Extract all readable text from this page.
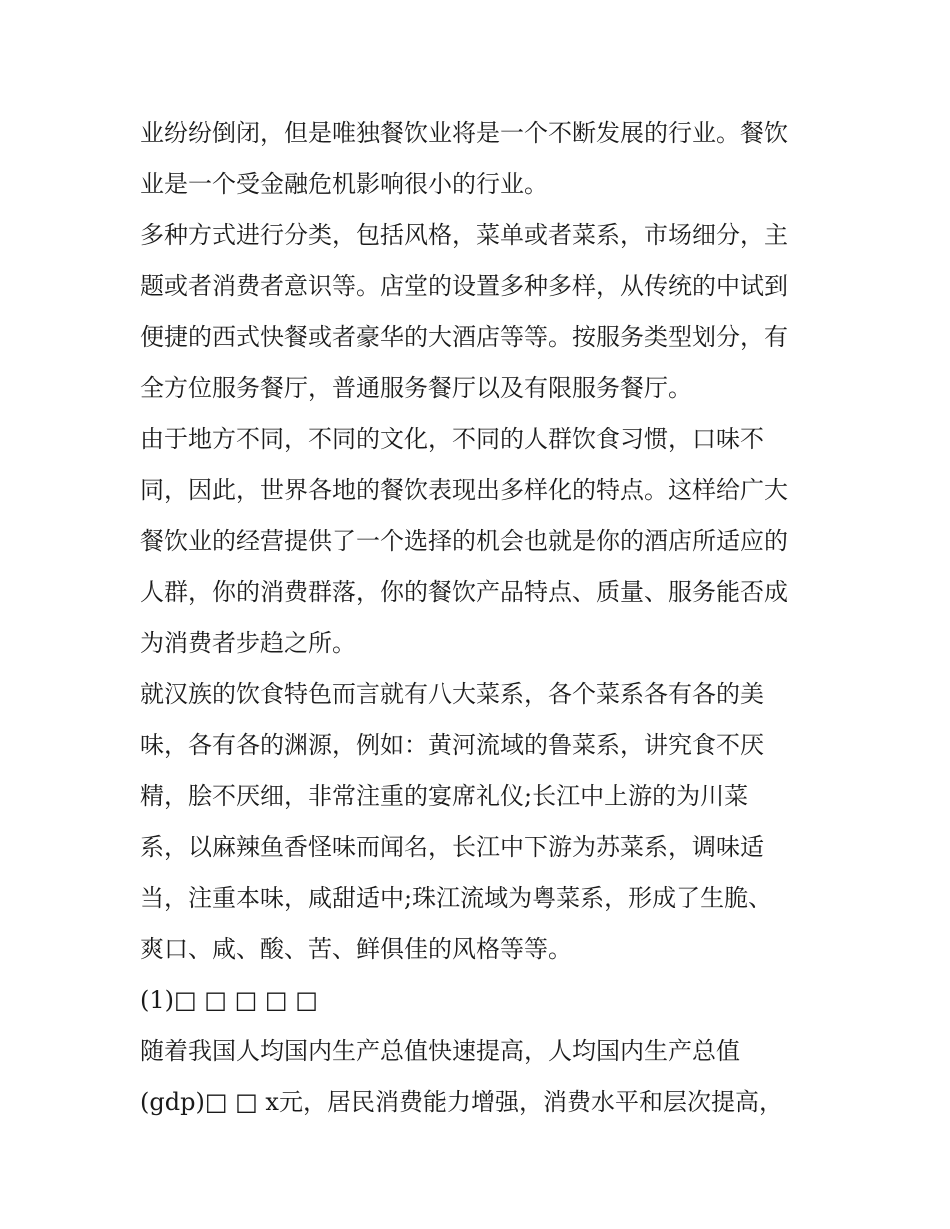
业纷纷倒闭，但是唯独餐饮业将是一个不断发展的行业。餐饮
业是一个受金融危机影响很小的行业。
多种方式进行分类，包括风格，菜单或者菜系，市场细分，主
题或者消费者意识等。店堂的设置多种多样，从传统的中试到
便捷的西式快餐或者豪华的大酒店等等。按服务类型划分，有
全方位服务餐厅，普通服务餐厅以及有限服务餐厅。
由于地方不同，不同的文化，不同的人群饮食习惯，口味不
同，因此，世界各地的餐饮表现出多样化的特点。这样给广大
餐饮业的经营提供了一个选择的机会也就是你的酒店所适应的
人群，你的消费群落，你的餐饮产品特点、质量、服务能否成
为消费者步趋之所。
就汉族的饮食特色而言就有八大菜系，各个菜系各有各的美
味，各有各的渊源，例如：黄河流域的鲁菜系，讲究食不厌
精，脍不厌细，非常注重的宴席礼仪;长江中上游的为川菜
系，以麻辣鱼香怪味而闻名，长江中下游为苏菜系，调味适
当，注重本味，咸甜适中;珠江流域为粤菜系，形成了生脆、
爽口、咸、酸、苦、鲜俱佳的风格等等。
(1)□ □ □ □ □
随着我国人均国内生产总值快速提高，人均国内生产总值
(gdp)□ □ x元，居民消费能力增强，消费水平和层次提高，
